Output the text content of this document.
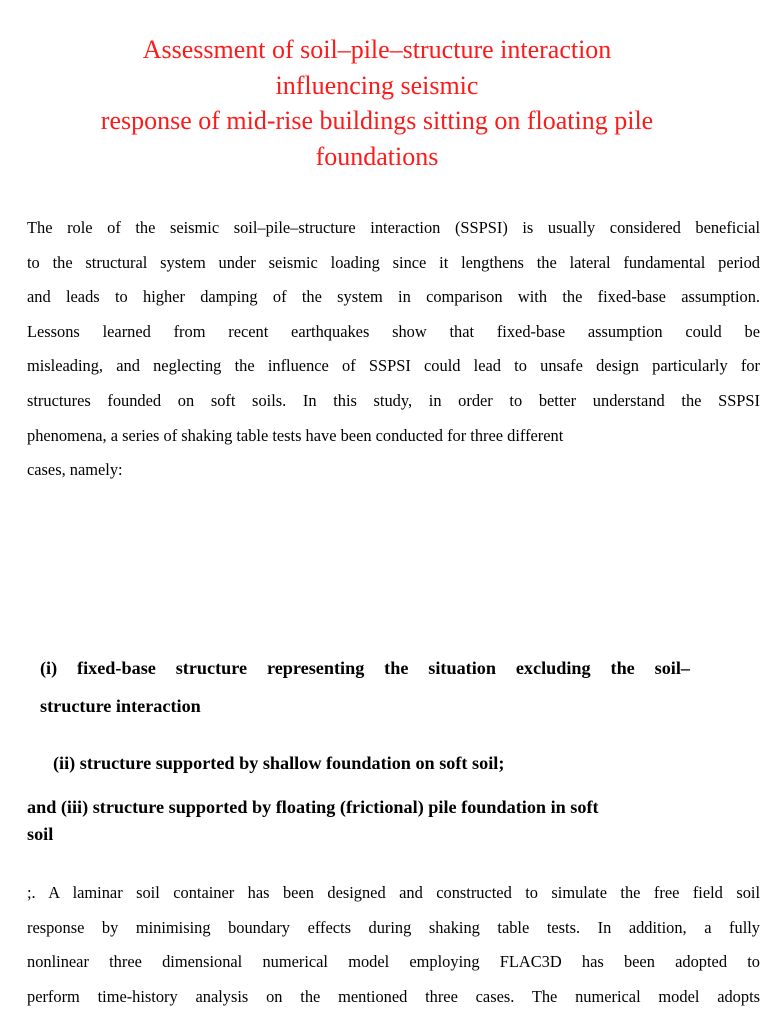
Assessment of soil–pile–structure interaction
influencing seismic
response of mid-rise buildings sitting on floating pile
foundations

The role of the seismic soil–pile–structure interaction (SSPSI) is usually considered beneficial
to the structural system under seismic loading since it lengthens the lateral fundamental period
and leads to higher damping of the system in comparison with the fixed-base assumption.
Lessons learned from recent earthquakes show that fixed-base assumption could be
misleading, and neglecting the influence of SSPSI could lead to unsafe design particularly for
structures founded on soft soils. In this study, in order to better understand the SSPSI
phenomena, a series of shaking table tests have been conducted for three different
cases, namely:

(i) fixed-base structure representing the situation excluding the soil–

structure interaction

(ii) structure supported by shallow foundation on soft soil;

and (iii) structure supported by floating (frictional) pile foundation in soft

soil

;. A laminar soil container has been designed and constructed to simulate the free field soil
response by minimising boundary effects during shaking table tests. In addition, a fully
nonlinear three dimensional numerical model employing FLAC3D has been adopted to
perform time-history analysis on the mentioned three cases. The numerical model adopts
